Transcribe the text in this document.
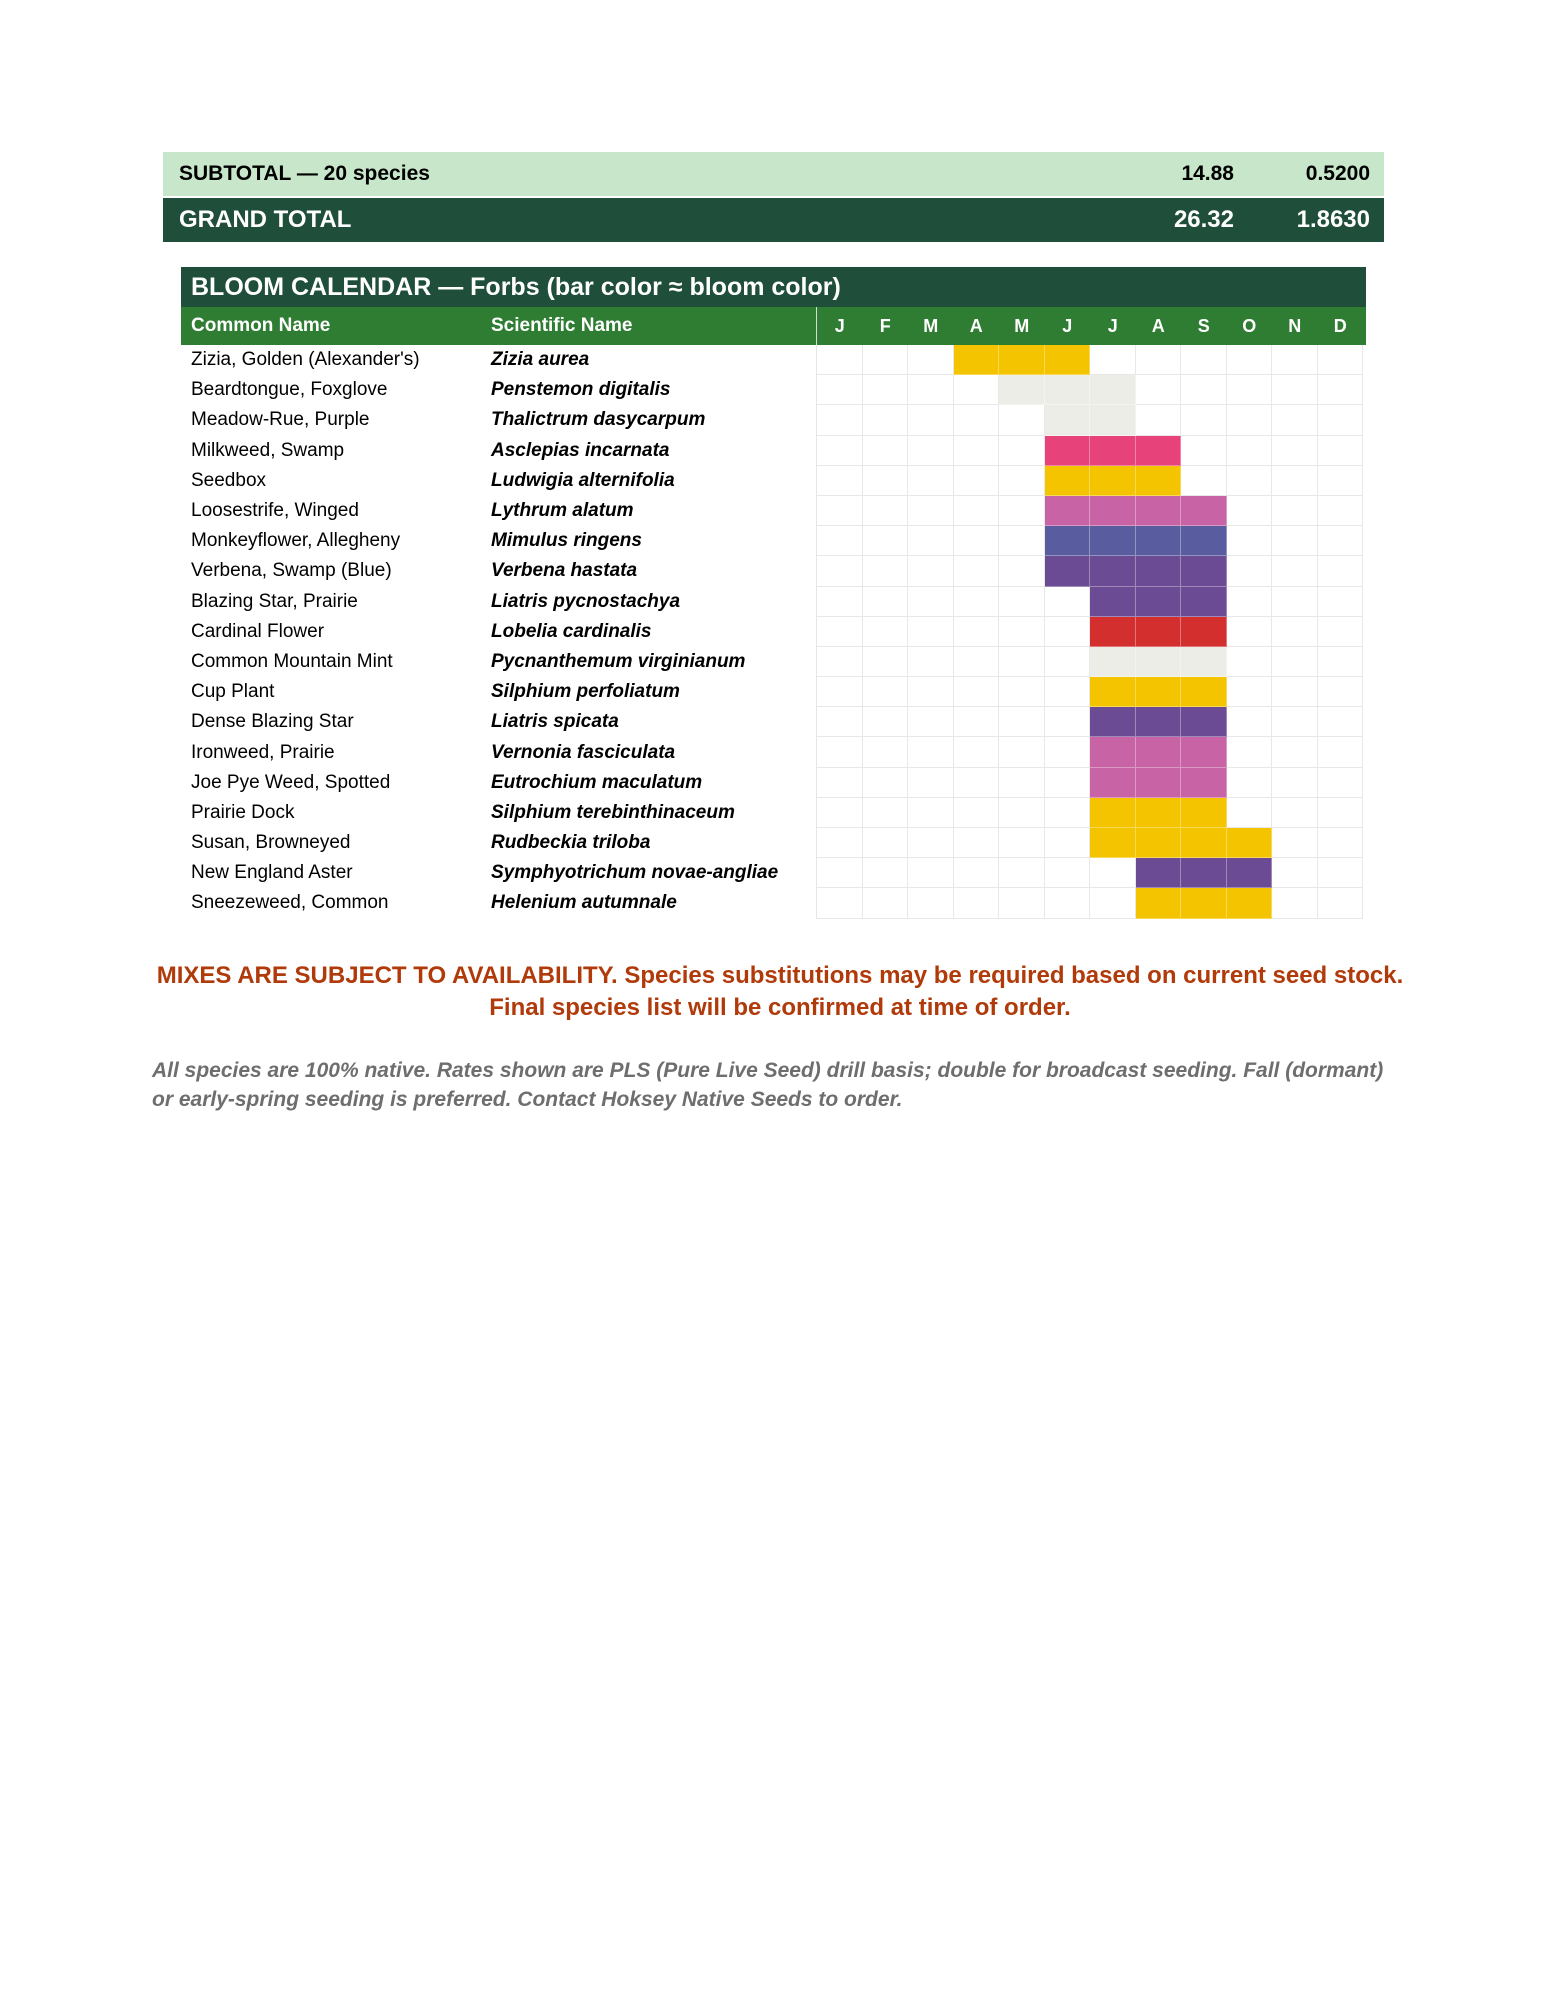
SUBTOTAL — 20 species	14.88	0.5200
GRAND TOTAL	26.32	1.8630
BLOOM CALENDAR — Forbs (bar color ≈ bloom color)
Common Name	Scientific Name	J	F	M	A	M	J	J	A	S	O	N	D
Zizia, Golden (Alexander's)	Zizia aurea
Beardtongue, Foxglove	Penstemon digitalis
Meadow-Rue, Purple	Thalictrum dasycarpum
Milkweed, Swamp	Asclepias incarnata
Seedbox	Ludwigia alternifolia
Loosestrife, Winged	Lythrum alatum
Monkeyflower, Allegheny	Mimulus ringens
Verbena, Swamp (Blue)	Verbena hastata
Blazing Star, Prairie	Liatris pycnostachya
Cardinal Flower	Lobelia cardinalis
Common Mountain Mint	Pycnanthemum virginianum
Cup Plant	Silphium perfoliatum
Dense Blazing Star	Liatris spicata
Ironweed, Prairie	Vernonia fasciculata
Joe Pye Weed, Spotted	Eutrochium maculatum
Prairie Dock	Silphium terebinthinaceum
Susan, Browneyed	Rudbeckia triloba
New England Aster	Symphyotrichum novae-angliae
Sneezeweed, Common	Helenium autumnale
MIXES ARE SUBJECT TO AVAILABILITY. Species substitutions may be required based on current seed stock. Final species list will be confirmed at time of order.
All species are 100% native. Rates shown are PLS (Pure Live Seed) drill basis; double for broadcast seeding. Fall (dormant) or early-spring seeding is preferred. Contact Hoksey Native Seeds to order.
